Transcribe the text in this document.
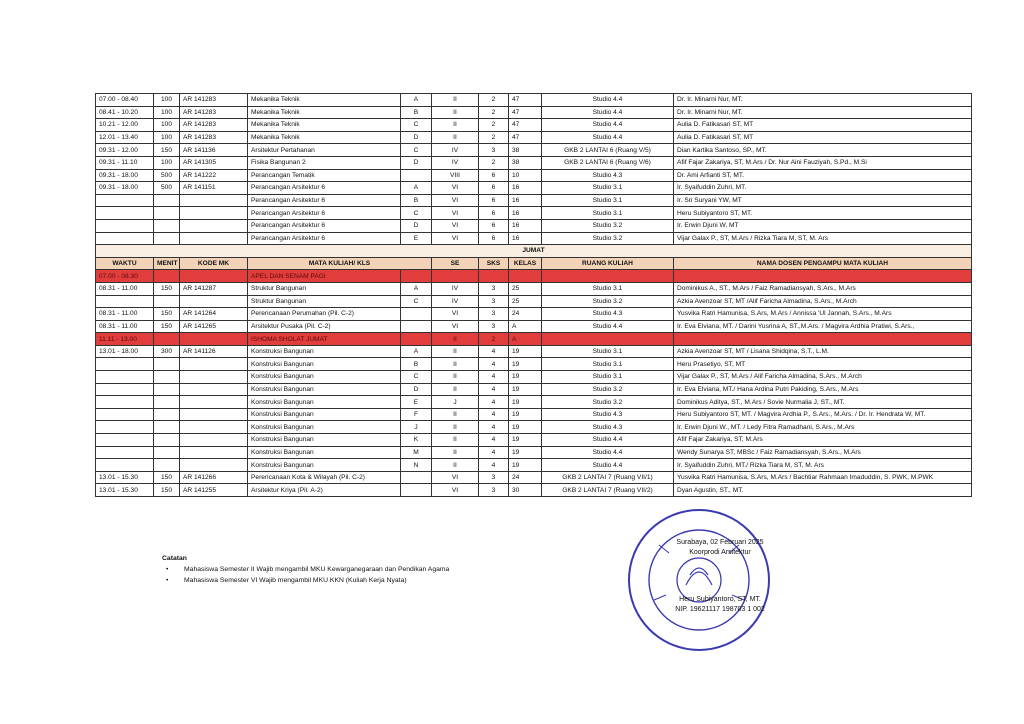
07.00 - 08.40	100	AR 141283	Mekanika Teknik	A	II	2	47	Studio 4.4	Dr. Ir. Minarni Nur, MT.
08.41 - 10.20	100	AR 141283	Mekanika Teknik	B	II	2	47	Studio 4.4	Dr. Ir. Minarni Nur, MT.
10.21 - 12.00	100	AR 141283	Mekanika Teknik	C	II	2	47	Studio 4.4	Aulia D. Fatikasari ST, MT
12.01 - 13.40	100	AR 141283	Mekanika Teknik	D	II	2	47	Studio 4.4	Aulia D. Fatikasari ST, MT
09.31 - 12.00	150	AR 141136	Arsitektur Pertahanan	C	IV	3	38	GKB 2 LANTAI 6 (Ruang V/5)	Dian Kartika Santoso, SP., MT.
09.31 - 11.10	100	AR 141305	Fisika Bangunan 2	D	IV	2	38	GKB 2 LANTAI 6 (Ruang V/6)	Afif Fajar Zakariya, ST, M.Ars / Dr. Nur Aini Fauziyah, S.Pd., M.Si
09.31 - 18.00	500	AR 141222	Perancangan Tematik		VIII	6	10	Studio 4.3	Dr. Ami Arfianti ST, MT.
09.31 - 18.00	500	AR 141151	Perancangan Arsitektur 6	A	VI	6	16	Studio 3.1	Ir. Syaifuddin Zuhri, MT.
			Perancangan Arsitektur 6	B	VI	6	16	Studio 3.1	Ir. Sri Suryani YW, MT
			Perancangan Arsitektur 6	C	VI	6	16	Studio 3.1	Heru Subiyantoro ST, MT.
			Perancangan Arsitektur 6	D	VI	6	16	Studio 3.2	Ir. Erwin Djuni W, MT
			Perancangan Arsitektur 6	E	VI	6	16	Studio 3.2	Vijar Galax P., ST, M.Ars / Rizka Tiara M, ST, M. Ars
JUMAT									
WAKTU	MENIT	KODE MK	MATA KULIAH/ KLS		SE	SKS	KELAS	RUANG KULIAH	NAMA DOSEN PENGAMPU MATA KULIAH
07.00 - 08.30			APEL DAN SENAM PAGI						
08.31 - 11.00	150	AR 141287	Struktur Bangunan	A	IV	3	25	Studio 3.1	Dominikus A., ST., M.Ars / Faiz Ramadiansyah, S.Ars., M.Ars
			Struktur Bangunan	C	IV	3	25	Studio 3.2	Azkia Avenzoar ST, MT /Alif Faricha Almadina, S.Ars., M.Arch
08.31 - 11.00	150	AR 141264	Perencanaan Perumahan (Pil. C-2)		VI	3	24	Studio 4.3	Yusvika Ratri Hamunisa, S.Ars, M.Ars / Annissa 'Ul Jannah, S.Ars., M.Ars
08.31 - 11.00	150	AR 141265	Arsitektur Pusaka (Pil. C-2)		VI	3	A	Studio 4.4	Ir. Eva Elviana, MT. / Darini Yusrina A, ST.,M.Ars. / Magvira Ardhia Pratiwi, S.Ars.,
11.11 - 13.00			ISHOMA SHOLAT JUMAT		II	2	A		
13.01 - 18.00	300	AR 141126	Konstruksi Bangunan	A	II	4	19	Studio 3.1	Azkia Avenzoar ST, MT / Lisana Shidqina, S.T., L.M.
			Konstruksi Bangunan	B	II	4	19	Studio 3.1	Heru Prasetiyo, ST, MT
			Konstruksi Bangunan	C	II	4	19	Studio 3.1	Vijar Galax P., ST, M.Ars / Alif Faricha Almadina, S.Ars., M.Arch
			Konstruksi Bangunan	D	II	4	19	Studio 3.2	Ir. Eva Elviana, MT./ Hana Ardina Putri Pakiding, S.Ars., M.Ars
			Konstruksi Bangunan	E	J	4	19	Studio 3.2	Dominikus Aditya, ST., M.Ars / Sovie Nurmalia J, ST., MT.
			Konstruksi Bangunan	F	II	4	19	Studio 4.3	Heru Subiyantoro ST, MT. / Magvira Ardhia P., S.Ars., M.Ars. / Dr. Ir. Hendrata W, MT.
			Konstruksi Bangunan	J	II	4	19	Studio 4.3	Ir. Erwin Djuni W., MT. / Ledy Fitra Ramadhani, S.Ars., M.Ars
			Konstruksi Bangunan	K	II	4	19	Studio 4.4	Afif Fajar Zakariya, ST, M.Ars
			Konstruksi Bangunan	M	II	4	19	Studio 4.4	Wendy Sunarya ST, MBSc / Faiz Ramadiansyah, S.Ars., M.Ars
			Konstruksi Bangunan	N	II	4	19	Studio 4.4	Ir. Syaifuddin Zuhri, MT./ Rizka Tiara M, ST, M. Ars
13.01 - 15.30	150	AR 141266	Perencanaan Kota & Wilayah (Pil. C-2)		VI	3	24	GKB 2 LANTAI 7 (Ruang VII/1)	Yusvika Ratri Hamunisa, S.Ars, M.Ars / Bachtiar Rahmaan Imaduddin, S. PWK, M.PWK
13.01 - 15.30	150	AR 141255	Arsitektur Kriya (Pil. A-2)		VI	3	30	GKB 2 LANTAI 7 (Ruang VII/2)	Dyan Agustin, ST., MT.
Catatan
• Mahasiswa Semester II Wajib mengambil MKU Kewarganegaraan dan Pendikan Agama
• Mahasiswa Semester VI Wajib mengambil MKU KKN (Kuliah Kerja Nyata)
Surabaya, 02 Februari 2025
Koorprodi Arsitektur
Heru Subiyantoro, ST, MT.
NIP. 19621117 198703 1 002
